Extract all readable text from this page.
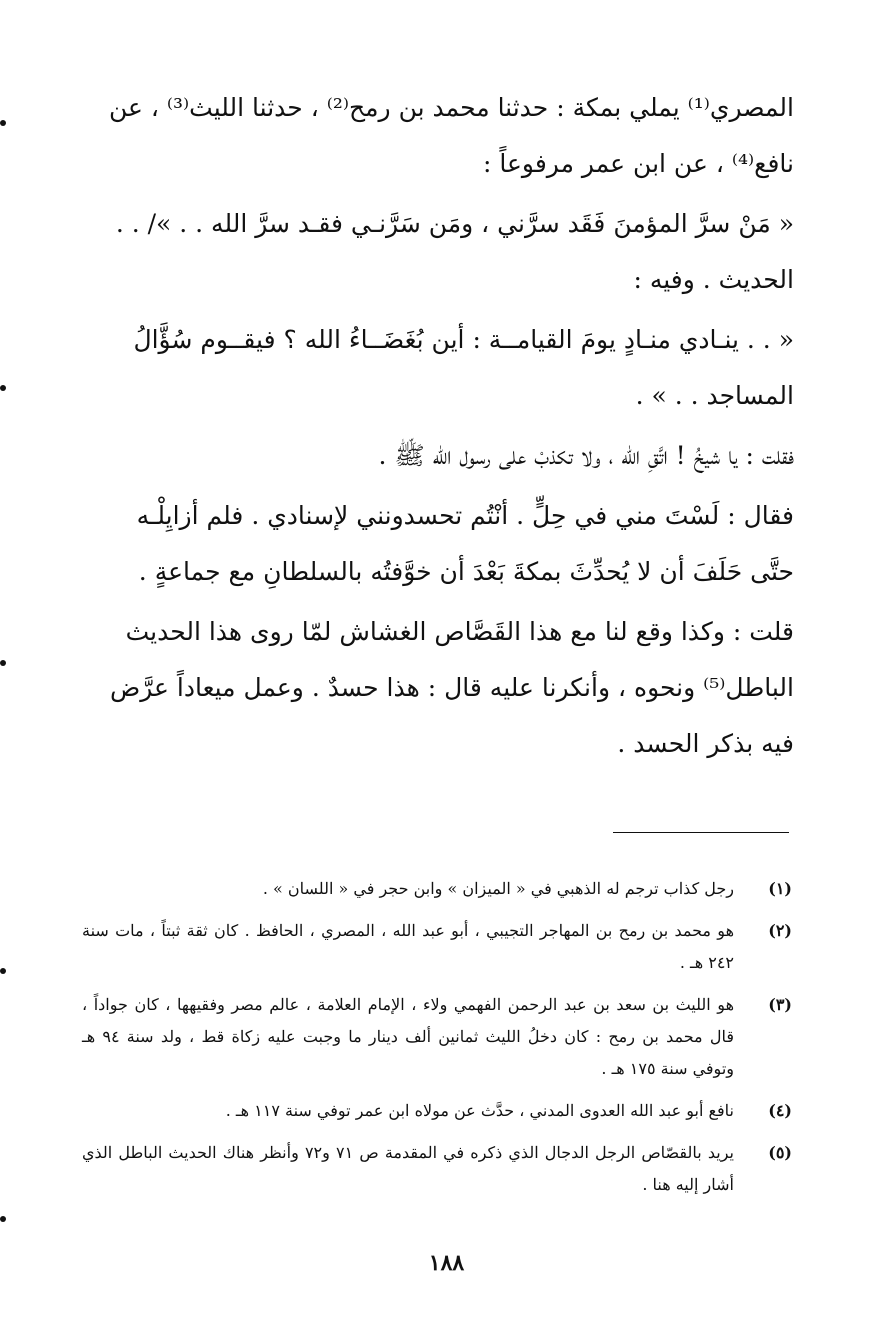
المصري⁽¹⁾ يملي بمكة : حدثنا محمد بن رمح⁽²⁾ ، حدثنا الليث⁽³⁾ ، عن
نافع⁽⁴⁾ ، عن ابن عمر مرفوعاً :

« مَنْ سرَّ المؤمنَ فَقَد سرَّني ، ومَن سَرَّنـي فقـد سرَّ الله . . »/ . .
الحديث . وفيه :

« . . ينـادي منـادٍ يومَ القيامــة : أين بُغَضَــاءُ الله ؟ فيقــوم سُؤَّالُ
المساجد . . » .

فقلت : يا شيخُ ! اتَّقِ الله ، ولا تكذبْ على رسول الله ﷺ .

فقال : لَسْتَ مني في حِلٍّ . أنْتُم تحسدونني لإسنادي . فلم أزايِلْـه
حتَّى حَلَفَ أن لا يُحدِّثَ بمكةَ بَعْدَ أن خوَّفتُه بالسلطانِ مع جماعةٍ .

قلت : وكذا وقع لنا مع هذا القَصَّاص الغشاش لمّا روى هذا الحديث
الباطل⁽⁵⁾ ونحوه ، وأنكرنا عليه قال : هذا حسدٌ . وعمل ميعاداً عرَّض
فيه بذكر الحسد .

(١)
رجل كذاب ترجم له الذهبي في « الميزان » وابن حجر في « اللسان » .
(٢)
هو محمد بن رمح بن المهاجر التجيبي ، أبو عبد الله ، المصري ، الحافظ . كان ثقة ثبتاً ، مات سنة ٢٤٢ هـ .
(٣)
هو الليث بن سعد بن عبد الرحمن الفهمي ولاء ، الإمام العلامة ، عالم مصر وفقيهها ، كان جواداً ، قال محمد بن رمح : كان دخلُ الليث ثمانين ألف دينار ما وجبت عليه زكاة قط ، ولد سنة ٩٤ هـ وتوفي سنة ١٧٥ هـ .
(٤)
نافع أبو عبد الله العدوى المدني ، حدَّث عن مولاه ابن عمر توفي سنة ١١٧ هـ .
(٥)
يريد بالقصّاص الرجل الدجال الذي ذكره في المقدمة ص ٧١ و٧٢ وأنظر هناك الحديث الباطل الذي أشار إليه هنا .
١٨٨
